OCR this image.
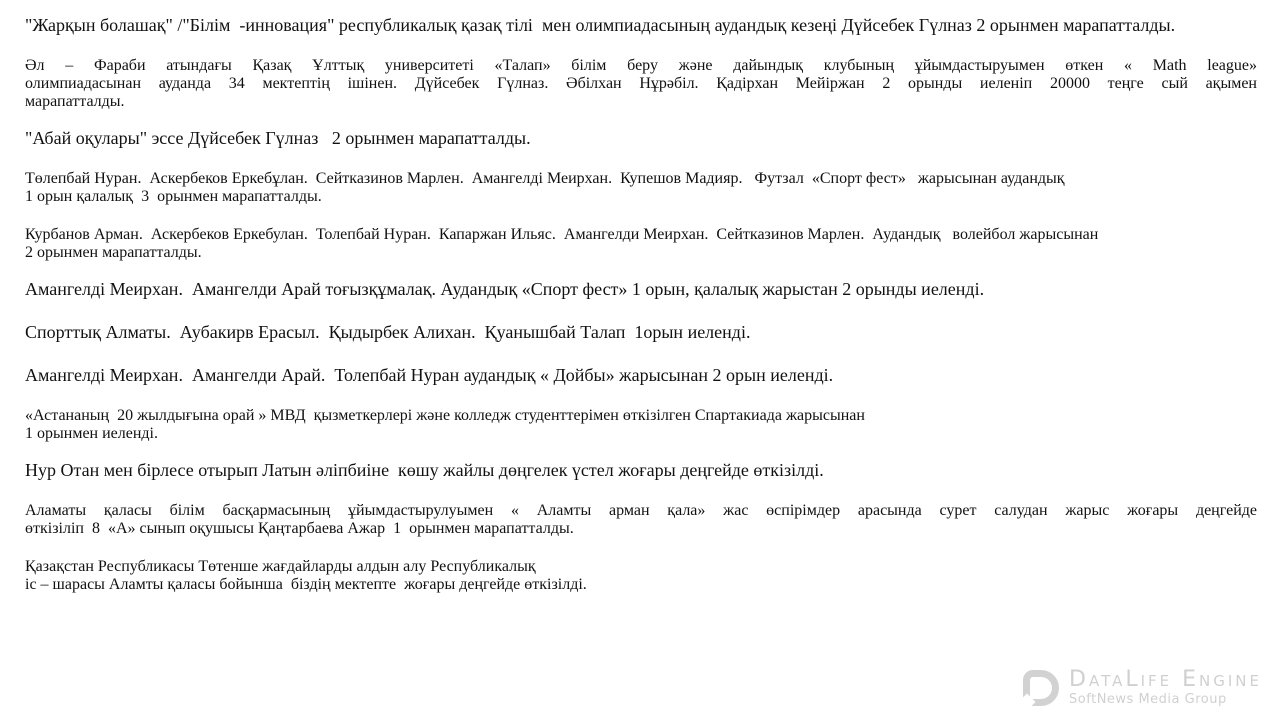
"Жарқын болашақ" /"Білім  -инновация" республикалық қазақ тілі  мен олимпиадасының аудандық кезеңі Дүйсебек Гүлназ 2 орынмен марапатталды.

Әл – Фараби атындағы Қазақ Ұлттық университеті «Талап» білім беру және дайындық клубының ұйымдастыруымен өткен « Math league»
олимпиадасынан ауданда 34 мектептің ішінен. Дүйсебек Гүлназ. Әбілхан Нұрәбіл. Қадірхан Мейіржан 2 орынды иеленіп 20000 теңге сый ақымен
марапатталды.

"Абай оқулары" эссе Дүйсебек Гүлназ   2 орынмен марапатталды.

Төлепбай Нуран.  Аскербеков Еркебұлан.  Сейтказинов Марлен.  Амангелді Меирхан.  Купешов Мадияр.   Футзал  «Спорт фест»   жарысынан аудандық
1 орын қалалық  3  орынмен марапатталды.

Курбанов Арман.  Аскербеков Еркебулан.  Толепбай Нуран.  Капаржан Ильяс.  Амангелди Меирхан.  Сейтказинов Марлен.  Аудандық   волейбол жарысынан
2 орынмен марапатталды.

Амангелді Меирхан.  Амангелди Арай тоғызқұмалақ. Аудандық «Спорт фест» 1 орын, қалалық жарыстан 2 орынды иеленді.

Спорттық Алматы.  Аубакирв Ерасыл.  Қыдырбек Алихан.  Қуанышбай Талап  1орын иеленді.

Амангелді Меирхан.  Амангелди Арай.  Толепбай Нуран аудандық « Дойбы» жарысынан 2 орын иеленді.

«Астананың  20 жылдығына орай » МВД  қызметкерлері және колледж студенттерімен өткізілген Спартакиада жарысынан
1 орынмен иеленді.

Нур Отан мен бірлесе отырып Латын әліпбиіне  көшу жайлы дөңгелек үстел жоғары деңгейде өткізілді.

Аламаты қаласы білім басқармасының ұйымдастырулуымен « Аламты арман қала» жас өспірімдер арасында сурет салудан жарыс жоғары деңгейде
өткізіліп  8  «А» сынып оқушысы Қаңтарбаева Ажар  1  орынмен марапатталды.

Қазақстан Республикасы Төтенше жағдайларды алдын алу Республикалық
іс – шарасы Аламты қаласы бойынша  біздің мектепте  жоғары деңгейде өткізілді.

DataLife Engine
SoftNews Media Group
